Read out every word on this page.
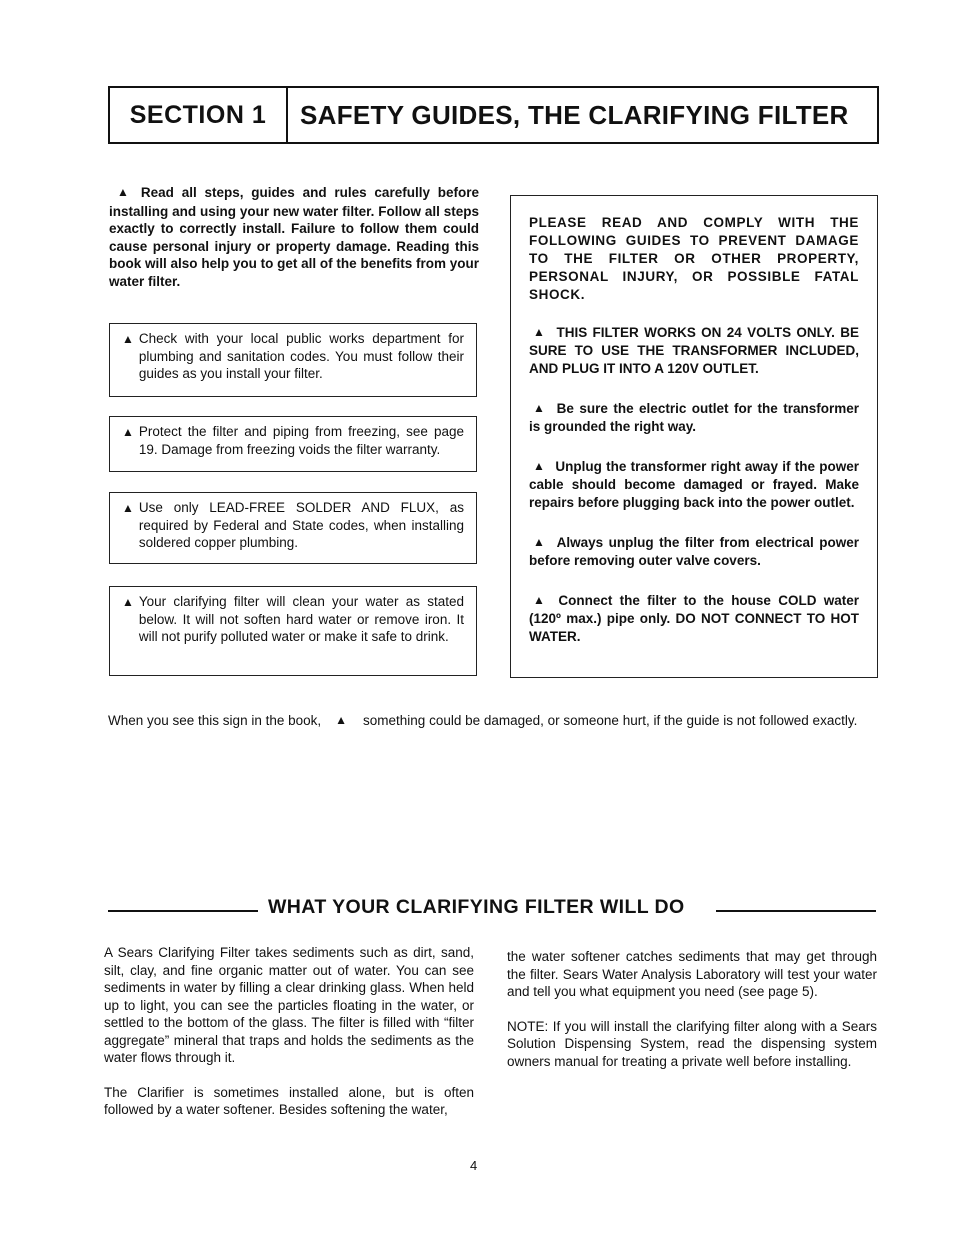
SECTION 1	SAFETY GUIDES, THE CLARIFYING FILTER
▲ Read all steps, guides and rules carefully before installing and using your new water filter. Follow all steps exactly to correctly install. Failure to follow them could cause personal injury or property damage. Reading this book will also help you to get all of the benefits from your water filter.
▲ Check with your local public works department for plumbing and sanitation codes. You must follow their guides as you install your filter.
▲ Protect the filter and piping from freezing, see page 19. Damage from freezing voids the filter warranty.
▲ Use only LEAD-FREE SOLDER AND FLUX, as required by Federal and State codes, when installing soldered copper plumbing.
▲ Your clarifying filter will clean your water as stated below. It will not soften hard water or remove iron. It will not purify polluted water or make it safe to drink.
PLEASE READ AND COMPLY WITH THE FOLLOWING GUIDES TO PREVENT DAMAGE TO THE FILTER OR OTHER PROPERTY, PERSONAL INJURY, OR POSSIBLE FATAL SHOCK.
▲ THIS FILTER WORKS ON 24 VOLTS ONLY. BE SURE TO USE THE TRANSFORMER INCLUDED, AND PLUG IT INTO A 120V OUTLET.
▲ Be sure the electric outlet for the transformer is grounded the right way.
▲ Unplug the transformer right away if the power cable should become damaged or frayed. Make repairs before plugging back into the power outlet.
▲ Always unplug the filter from electrical power before removing outer valve covers.
▲ Connect the filter to the house COLD water (120º max.) pipe only. DO NOT CONNECT TO HOT WATER.
When you see this sign in the book, ▲ something could be damaged, or someone hurt, if the guide is not followed exactly.
WHAT YOUR CLARIFYING FILTER WILL DO

A Sears Clarifying Filter takes sediments such as dirt, sand, silt, clay, and fine organic matter out of water. You can see sediments in water by filling a clear drinking glass. When held up to light, you can see the particles floating in the water, or settled to the bottom of the glass. The filter is filled with “filter aggregate” mineral that traps and holds the sediments as the water flows through it.

The Clarifier is sometimes installed alone, but is often followed by a water softener. Besides softening the water,

the water softener catches sediments that may get through the filter. Sears Water Analysis Laboratory will test your water and tell you what equipment you need (see page 5).

NOTE: If you will install the clarifying filter along with a Sears Solution Dispensing System, read the dispensing system owners manual for treating a private well before installing.

4
